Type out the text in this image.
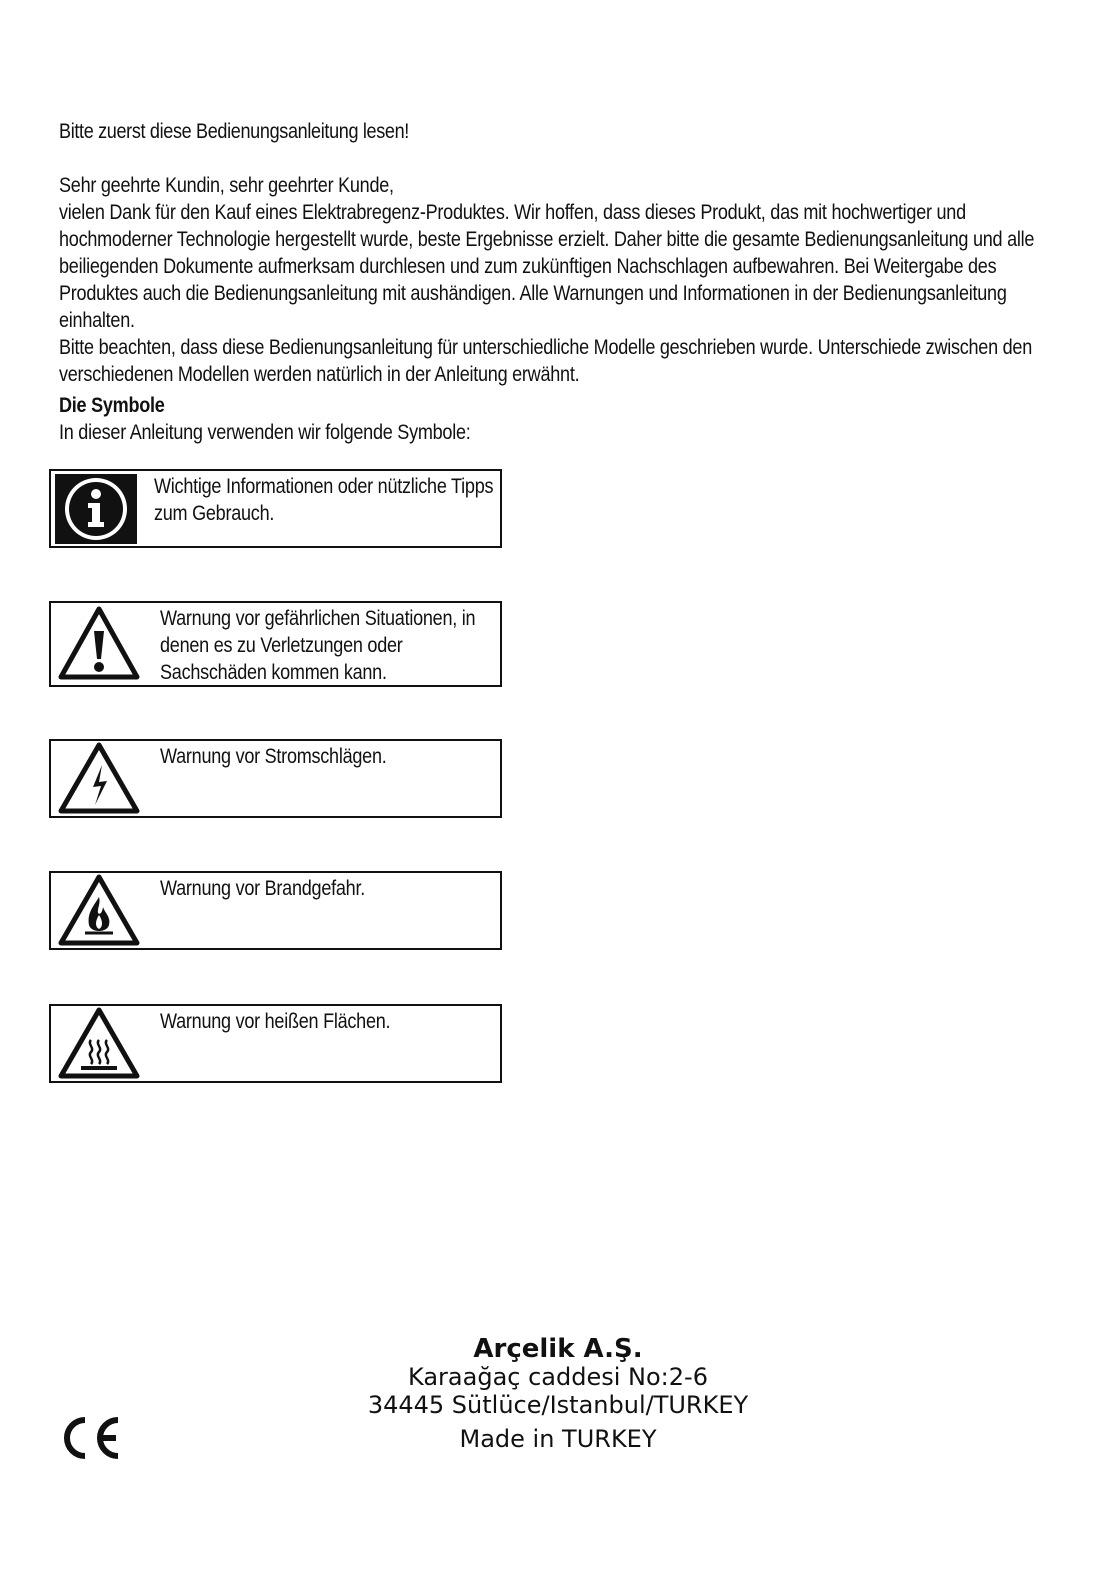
Bitte zuerst diese Bedienungsanleitung lesen!

Sehr geehrte Kundin, sehr geehrter Kunde,

vielen Dank für den Kauf eines Elektrabregenz-Produktes. Wir hoffen, dass dieses Produkt, das mit hochwertiger und hochmoderner Technologie hergestellt wurde, beste Ergebnisse erzielt. Daher bitte die gesamte Bedienungsanleitung und alle beiliegenden Dokumente aufmerksam durchlesen und zum zukünftigen Nachschlagen aufbewahren. Bei Weitergabe des Produktes auch die Bedienungsanleitung mit aushändigen. Alle Warnungen und Informationen in der Bedienungsanleitung einhalten.

Bitte beachten, dass diese Bedienungsanleitung für unterschiedliche Modelle geschrieben wurde. Unterschiede zwischen den verschiedenen Modellen werden natürlich in der Anleitung erwähnt.

Die Symbole

In dieser Anleitung verwenden wir folgende Symbole:

Wichtige Informationen oder nützliche Tipps zum Gebrauch.
Warnung vor gefährlichen Situationen, in denen es zu Verletzungen oder Sachschäden kommen kann.
Warnung vor Stromschlägen.
Warnung vor Brandgefahr.
Warnung vor heißen Flächen.
Arçelik A.Ş.
Karaağaç caddesi No:2-6
34445 Sütlüce/Istanbul/TURKEY
Made in TURKEY
